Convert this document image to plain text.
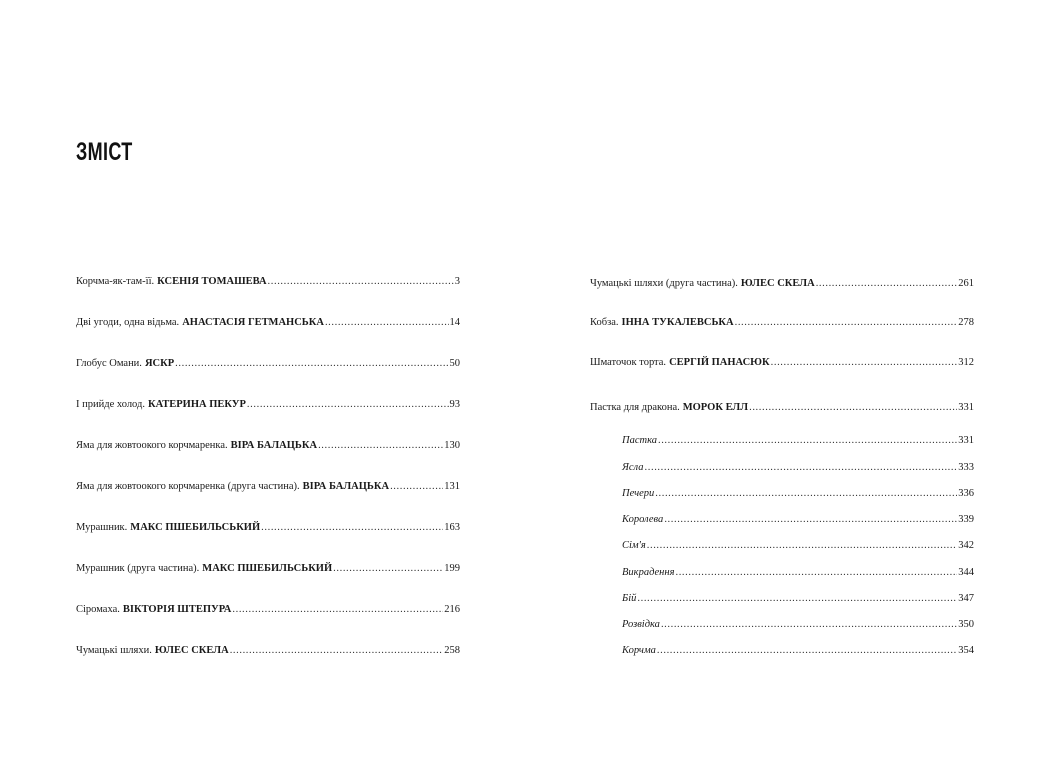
ЗМІСТ
Корчма-як-там-її. КСЕНІЯ ТОМАШЕВА .....	3
Дві угоди, одна відьма. АНАСТАСІЯ ГЕТМАНСЬКА .....	14
Глобус Омани. ЯСКР .....	50
І прийде холод. КАТЕРИНА ПЕКУР .....	93
Яма для жовтоокого корчмаренка. ВІРА БАЛАЦЬКА .....	130
Яма для жовтоокого корчмаренка (друга частина). ВІРА БАЛАЦЬКА .....	131
Мурашник. МАКС ПШЕБИЛЬСЬКИЙ .....	163
Мурашник (друга частина). МАКС ПШЕБИЛЬСЬКИЙ .....	199
Сіромаха. ВІКТОРІЯ ШТЕПУРА .....	216
Чумацькі шляхи. ЮЛЕС СКЕЛА .....	258
Чумацькі шляхи (друга частина). ЮЛЕС СКЕЛА .....	261
Кобза. ІННА ТУКАЛЕВСЬКА .....	278
Шматочок торта. СЕРГІЙ ПАНАСЮК .....	312
Пастка для дракона. МОРОК ЕЛЛ .....	331
Пастка .....	331
Ясла .....	333
Печери .....	336
Королева .....	339
Сім'я .....	342
Викрадення .....	344
Бій .....	347
Розвідка .....	350
Корчма .....	354
